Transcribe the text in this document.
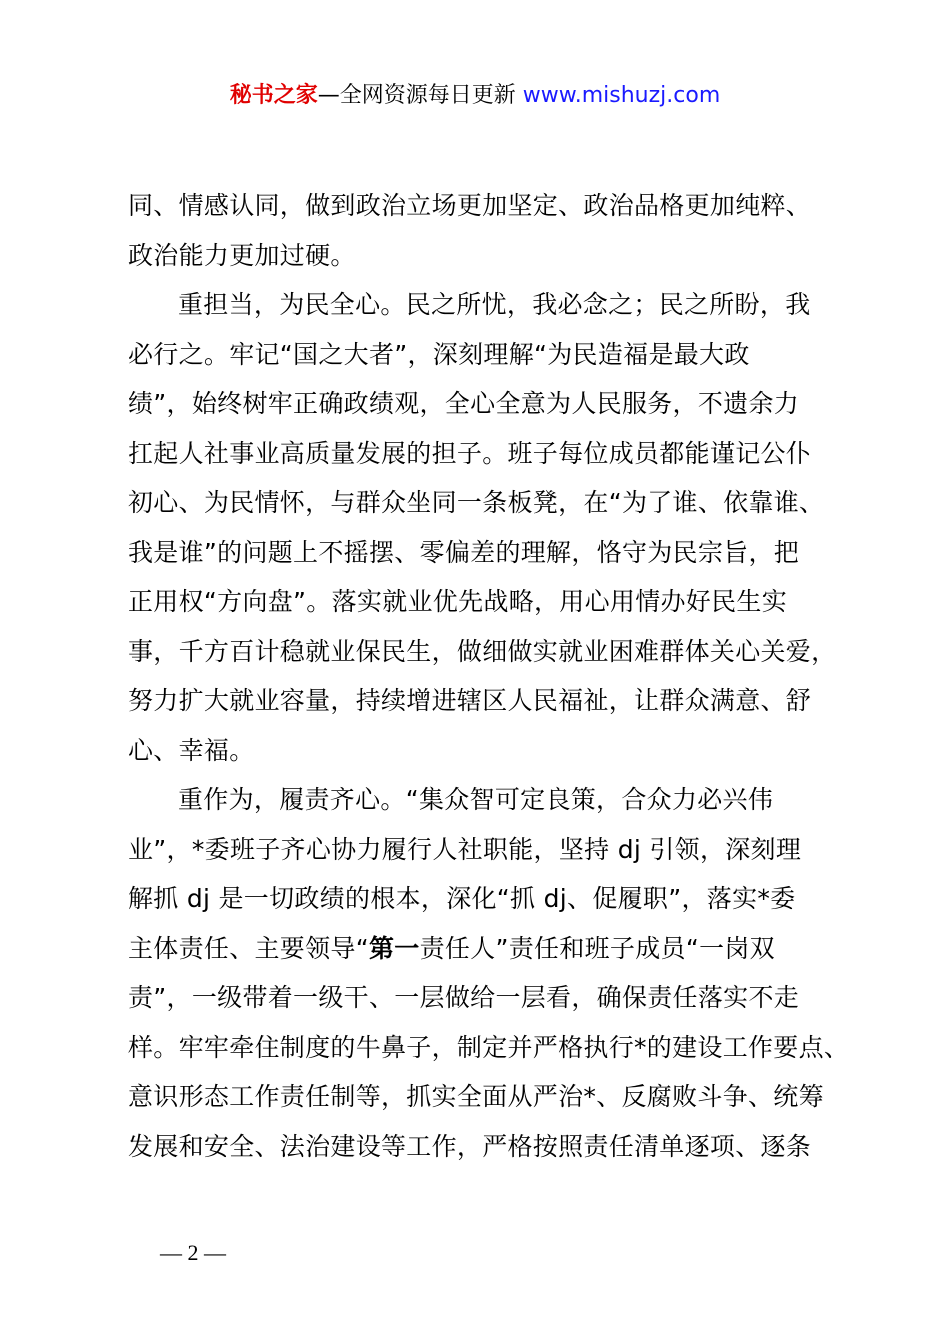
秘书之家—全网资源每日更新 www.mishuzj.com
同、情感认同，做到政治立场更加坚定、政治品格更加纯粹、
政治能力更加过硬。
重担当，为民全心。民之所忧，我必念之；民之所盼，我
必行之。牢记“国之大者”，深刻理解“为民造福是最大政
绩”，始终树牢正确政绩观，全心全意为人民服务，不遗余力
扛起人社事业高质量发展的担子。班子每位成员都能谨记公仆
初心、为民情怀，与群众坐同一条板凳，在“为了谁、依靠谁、
我是谁”的问题上不摇摆、零偏差的理解，恪守为民宗旨，把
正用权“方向盘”。落实就业优先战略，用心用情办好民生实
事，千方百计稳就业保民生，做细做实就业困难群体关心关爱，
努力扩大就业容量，持续增进辖区人民福祉，让群众满意、舒
心、幸福。
重作为，履责齐心。“集众智可定良策，合众力必兴伟
业”，*委班子齐心协力履行人社职能，坚持 dj 引领，深刻理
解抓 dj 是一切政绩的根本，深化“抓 dj、促履职”，落实*委
主体责任、主要领导“第一责任人”责任和班子成员“一岗双
责”，一级带着一级干、一层做给一层看，确保责任落实不走
样。牢牢牵住制度的牛鼻子，制定并严格执行*的建设工作要点、
意识形态工作责任制等，抓实全面从严治*、反腐败斗争、统筹
发展和安全、法治建设等工作，严格按照责任清单逐项、逐条
— 2 —
